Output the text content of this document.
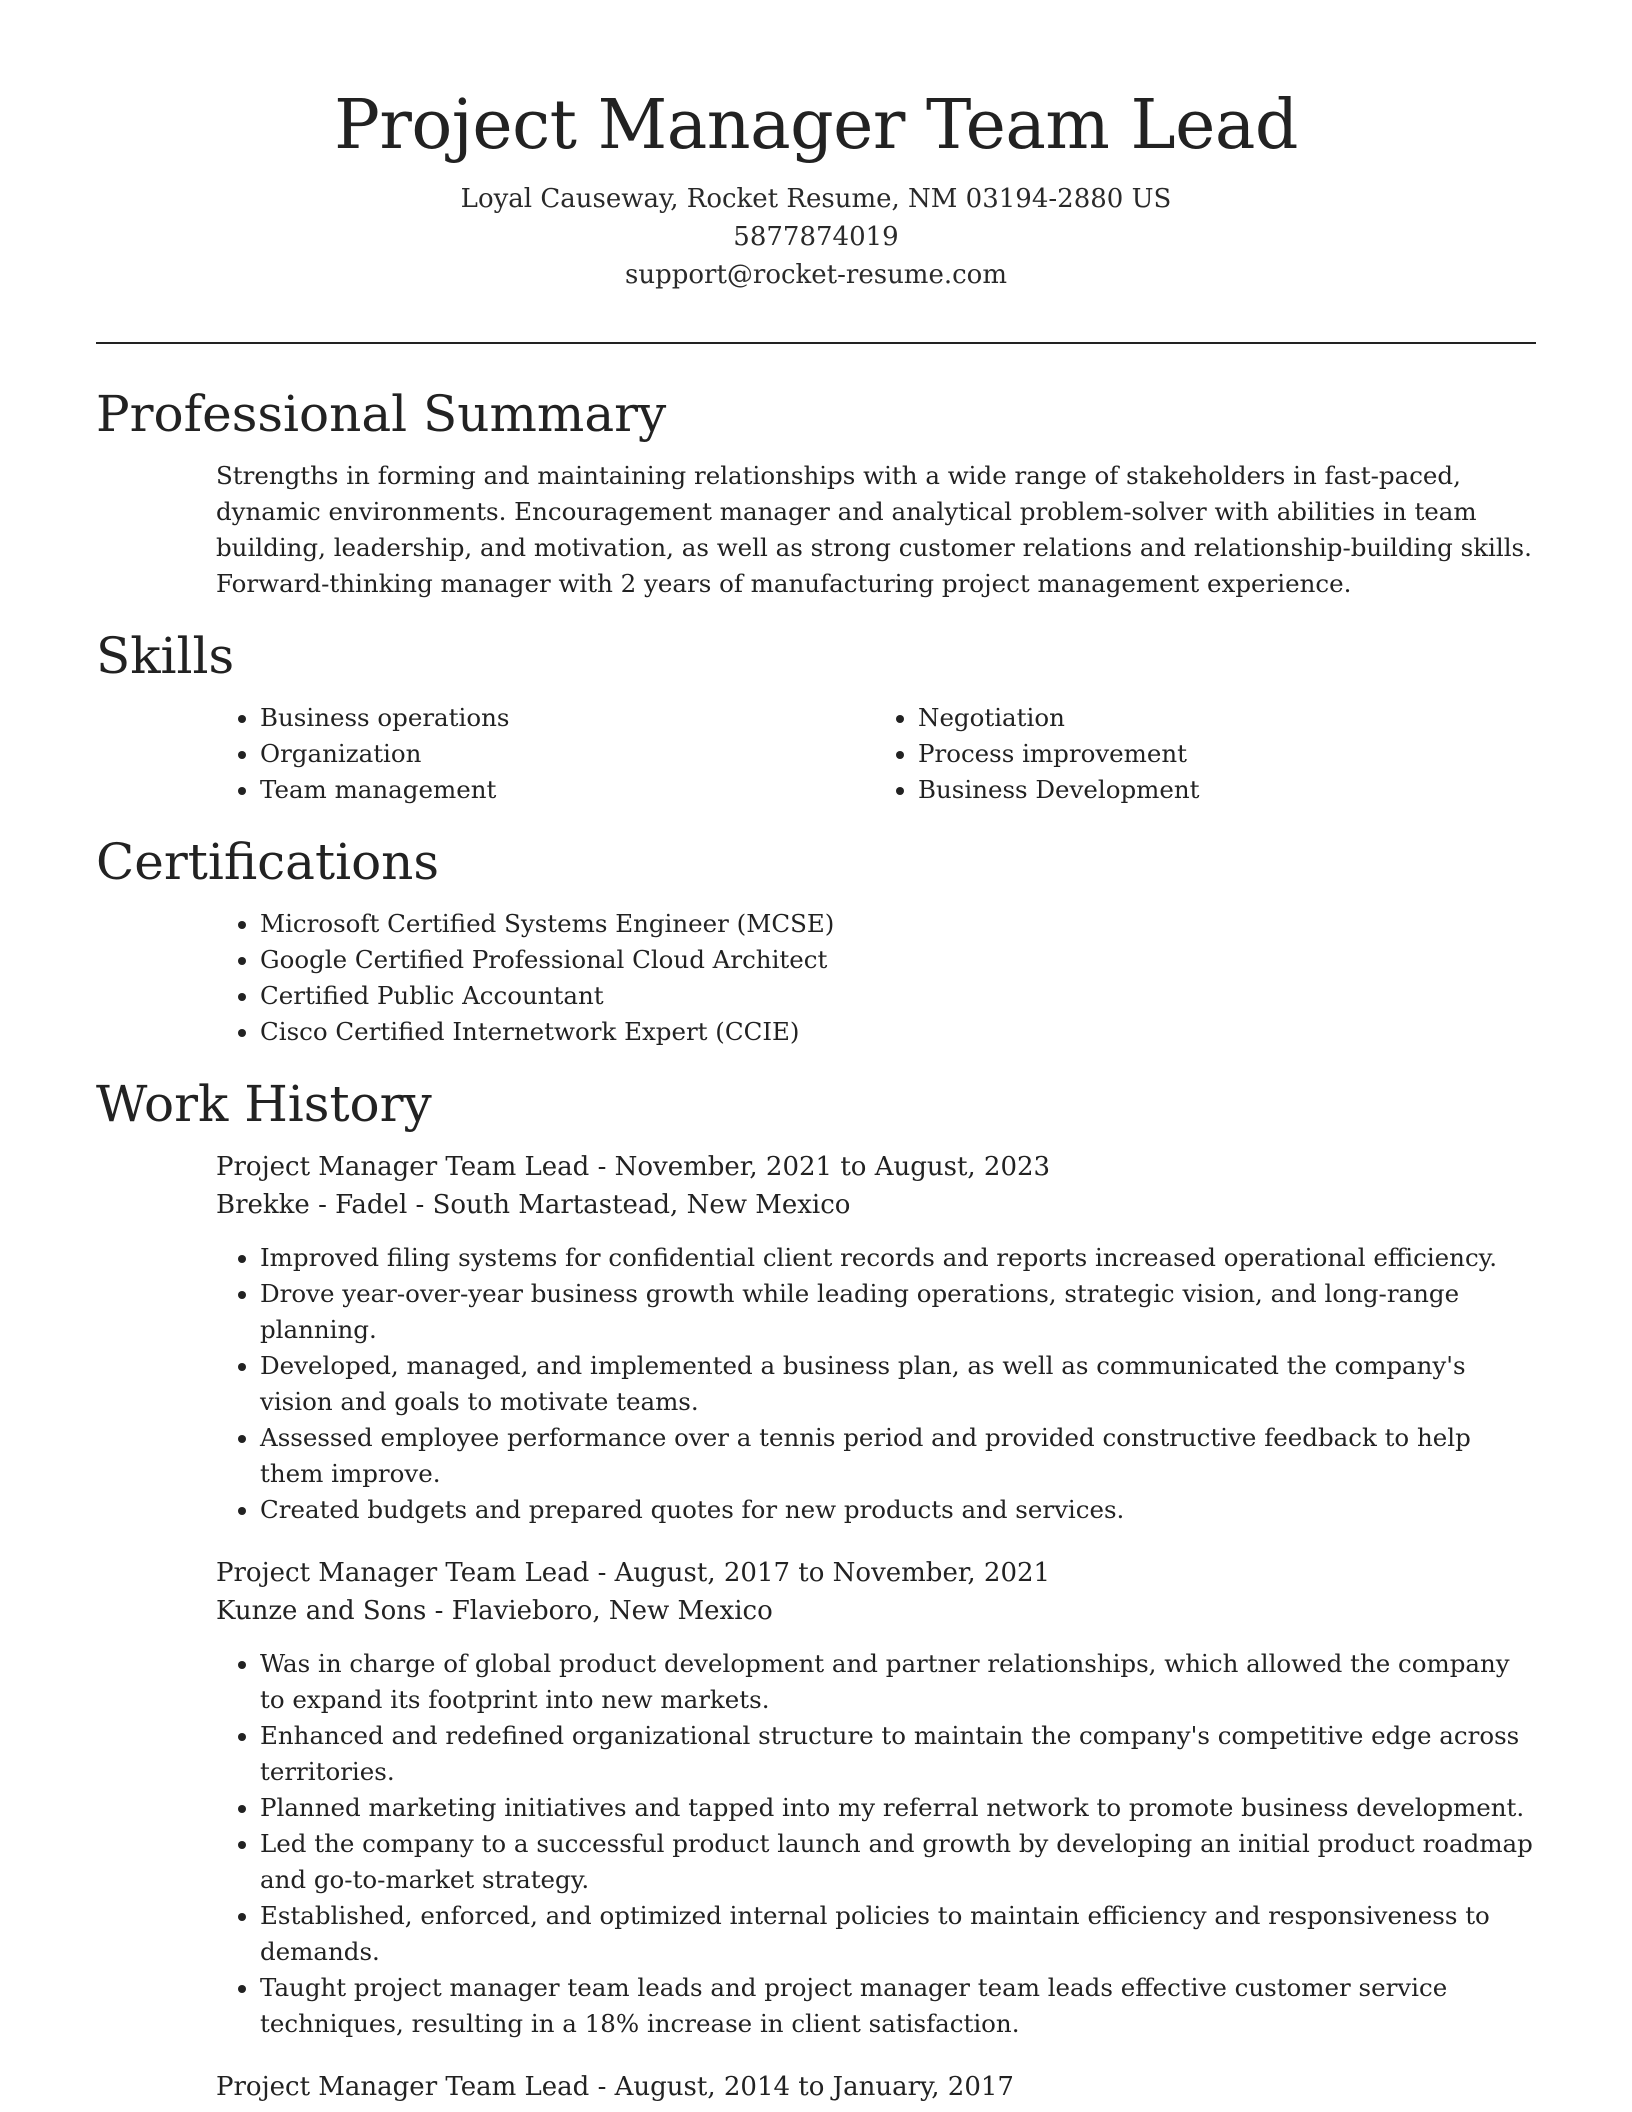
Project Manager Team Lead
Loyal Causeway, Rocket Resume, NM 03194-2880 US
5877874019
support@rocket-resume.com
Professional Summary

Strengths in forming and maintaining relationships with a wide range of stakeholders in fast-paced, dynamic environments. Encouragement manager and analytical problem-solver with abilities in team building, leadership, and motivation, as well as strong customer relations and relationship-building skills. Forward-thinking manager with 2 years of manufacturing project management experience.

Skills
• Business operations
• Organization
• Team management
• Negotiation
• Process improvement
• Business Development
Certifications
• Microsoft Certified Systems Engineer (MCSE)
• Google Certified Professional Cloud Architect
• Certified Public Accountant
• Cisco Certified Internetwork Expert (CCIE)
Work History
Project Manager Team Lead - November, 2021 to August, 2023
Brekke - Fadel - South Martastead, New Mexico
• Improved filing systems for confidential client records and reports increased operational efficiency.
• Drove year-over-year business growth while leading operations, strategic vision, and long-range planning.
• Developed, managed, and implemented a business plan, as well as communicated the company's vision and goals to motivate teams.
• Assessed employee performance over a tennis period and provided constructive feedback to help them improve.
• Created budgets and prepared quotes for new products and services.
Project Manager Team Lead - August, 2017 to November, 2021
Kunze and Sons - Flavieboro, New Mexico
• Was in charge of global product development and partner relationships, which allowed the company to expand its footprint into new markets.
• Enhanced and redefined organizational structure to maintain the company's competitive edge across territories.
• Planned marketing initiatives and tapped into my referral network to promote business development.
• Led the company to a successful product launch and growth by developing an initial product roadmap and go-to-market strategy.
• Established, enforced, and optimized internal policies to maintain efficiency and responsiveness to demands.
• Taught project manager team leads and project manager team leads effective customer service techniques, resulting in a 18% increase in client satisfaction.
Project Manager Team Lead - August, 2014 to January, 2017
